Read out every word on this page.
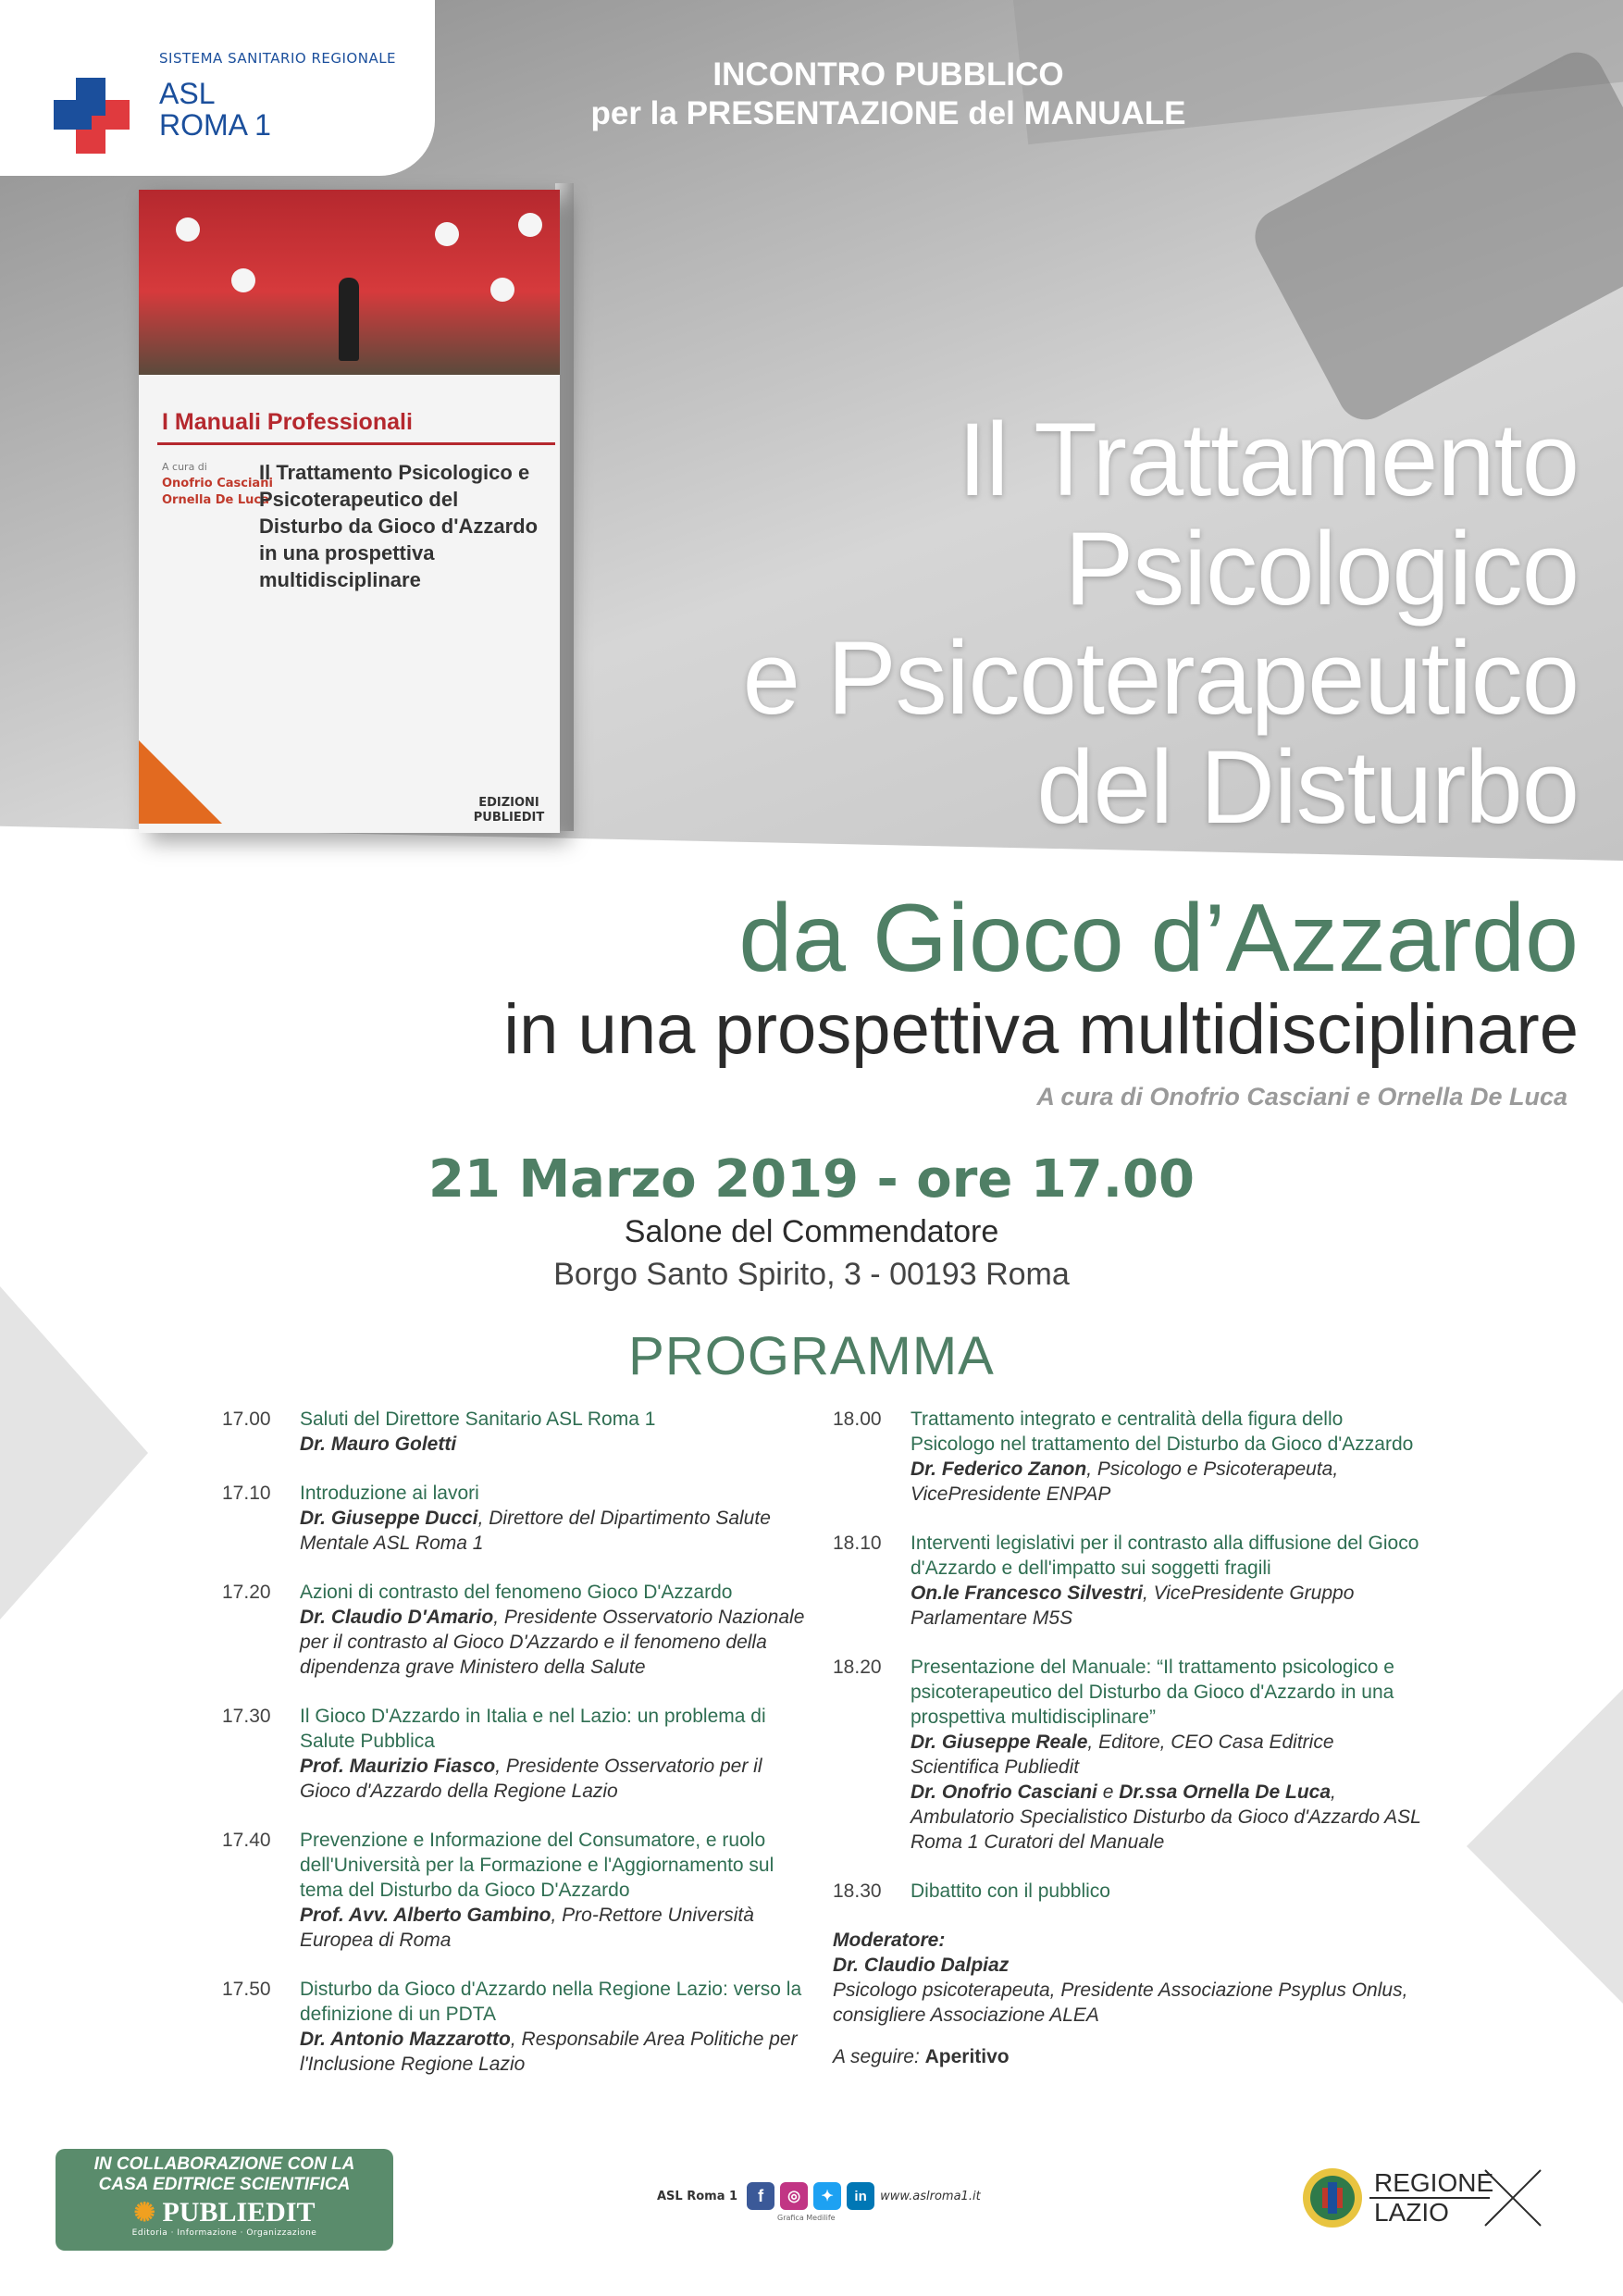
SISTEMA SANITARIO REGIONALE
ASL
ROMA 1
INCONTRO PUBBLICO
per la PRESENTAZIONE del MANUALE
I Manuali Professionali
A cura di
Onofrio Casciani
Ornella De Luca
Il Trattamento Psicologico e Psicoterapeutico del Disturbo da Gioco d'Azzardo in una prospettiva multidisciplinare
EDIZIONI
PUBLIEDIT
Il Trattamento
Psicologico
e Psicoterapeutico
del Disturbo
da Gioco d’Azzardo
in una prospettiva multidisciplinare
A cura di Onofrio Casciani e Ornella De Luca
21 Marzo 2019 - ore 17.00
Salone del Commendatore
Borgo Santo Spirito, 3 - 00193 Roma
PROGRAMMA
17.00	Saluti del Direttore Sanitario ASL Roma 1
Dr. Mauro Goletti
17.10	Introduzione ai lavori
Dr. Giuseppe Ducci, Direttore del Dipartimento Salute Mentale ASL Roma 1
17.20	Azioni di contrasto del fenomeno Gioco D'Azzardo
Dr. Claudio D'Amario, Presidente Osservatorio Nazionale per il contrasto al Gioco D'Azzardo e il fenomeno della dipendenza grave Ministero della Salute
17.30	Il Gioco D'Azzardo in Italia e nel Lazio: un problema di Salute Pubblica
Prof. Maurizio Fiasco, Presidente Osservatorio per il Gioco d'Azzardo della Regione Lazio
17.40	Prevenzione e Informazione del Consumatore, e ruolo dell'Università per la Formazione e l'Aggiornamento sul tema del Disturbo da Gioco D'Azzardo
Prof. Avv. Alberto Gambino, Pro-Rettore Università Europea di Roma
17.50	Disturbo da Gioco d'Azzardo nella Regione Lazio: verso la definizione di un PDTA
Dr. Antonio Mazzarotto, Responsabile Area Politiche per l'Inclusione Regione Lazio
18.00	Trattamento integrato e centralità della figura dello Psicologo nel trattamento del Disturbo da Gioco d'Azzardo
Dr. Federico Zanon, Psicologo e Psicoterapeuta, VicePresidente ENPAP
18.10	Interventi legislativi per il contrasto alla diffusione del Gioco d'Azzardo e dell'impatto sui soggetti fragili
On.le Francesco Silvestri, VicePresidente Gruppo Parlamentare M5S
18.20	Presentazione del Manuale: “Il trattamento psicologico e psicoterapeutico del Disturbo da Gioco d'Azzardo in una prospettiva multidisciplinare”
Dr. Giuseppe Reale, Editore, CEO Casa Editrice Scientifica Publiedit
Dr. Onofrio Casciani e Dr.ssa Ornella De Luca, Ambulatorio Specialistico Disturbo da Gioco d'Azzardo ASL Roma 1 Curatori del Manuale
18.30	Dibattito con il pubblico
Moderatore:
Dr. Claudio Dalpiaz
Psicologo psicoterapeuta, Presidente Associazione Psyplus Onlus, consigliere Associazione ALEA
A seguire: Aperitivo
IN COLLABORAZIONE CON LA
CASA EDITRICE SCIENTIFICA
✺ PUBLIEDIT
Editoria · Informazione · Organizzazione
ASL Roma 1	f	◎	✦	in	www.aslroma1.it
Grafica Medilife
REGIONE
LAZIO
